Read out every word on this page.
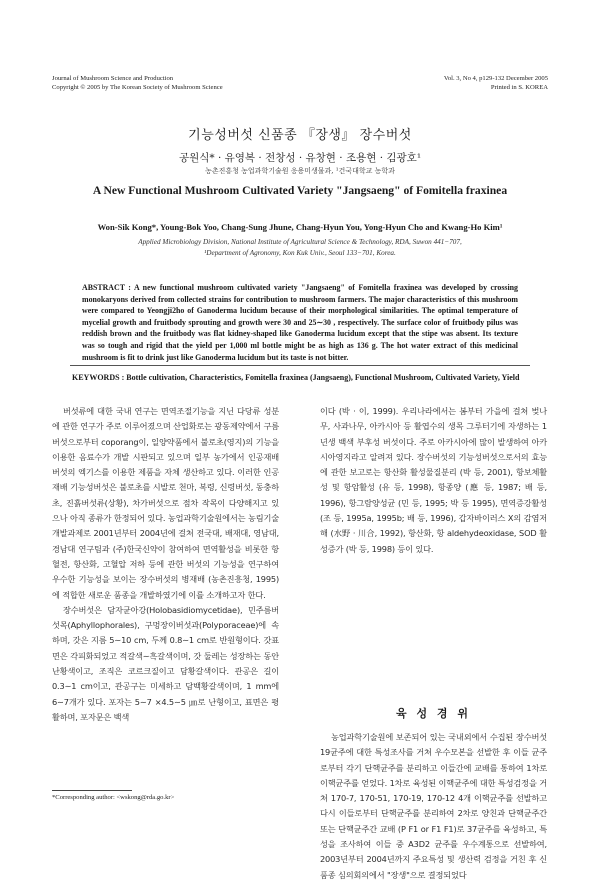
Journal of Mushroom Science and Production
Copyright © 2005 by The Korean Society of Mushroom Science
Vol. 3, No 4, p129-132 December 2005
Printed in S. KOREA
기능성버섯 신품종 『장생』 장수버섯
공원식* · 유영복 · 전창성 · 유창현 · 조용현 · 김광호¹
농촌진흥청 농업과학기술원 응용미생물과, ¹건국대학교 농학과
A New Functional Mushroom Cultivated Variety "Jangsaeng" of Fomitella fraxinea
Won-Sik Kong*, Young-Bok Yoo, Chang-Sung Jhune, Chang-Hyun You, Yong-Hyun Cho and Kwang-Ho Kim¹
Applied Microbiology Division, National Institute of Agricultural Science & Technology, RDA, Suwon 441−707,
¹Department of Agronomy, Kon Kuk Univ., Seoul 133−701, Korea.
ABSTRACT : A new functional mushroom cultivated variety "Jangsaeng" of Fomitella fraxinea was developed by crossing monokaryons derived from collected strains for contribution to mushroom farmers. The major characteristics of this mushroom were compared to Yeongji2ho of Ganoderma lucidum because of their morphological similarities. The optimal temperature of mycelial growth and fruitbody sprouting and growth were 30 and 25∼30 , respectively. The surface color of fruitbody pilus was reddish brown and the fruitbody was flat kidney-shaped like Ganoderma lucidum except that the stipe was absent. Its texture was so tough and rigid that the yield per 1,000 ml bottle might be as high as 136 g. The hot water extract of this medicinal mushroom is fit to drink just like Ganoderma lucidum but its taste is not bitter.
KEYWORDS : Bottle cultivation, Characteristics, Fomitella fraxinea (Jangsaeng), Functional Mushroom, Cultivated Variety, Yield

버섯류에 대한 국내 연구는 면역조절기능을 지닌 다당류 성분에 관한 연구가 주로 이루어졌으며 산업화로는 광동제약에서 구름버섯으로부터 coporang이, 일양약품에서 불로초(영지)의 기능을 이용한 음료수가 개발 시판되고 있으며 일부 농가에서 인공재배 버섯의 엑기스를 이용한 제품을 자체 생산하고 있다. 이러한 인공재배 기능성버섯은 불로초를 시발로 천마, 복령, 신령버섯, 동충하초, 진흙버섯류(상황), 차가버섯으로 점차 작목이 다양해지고 있으나 아직 종류가 한정되어 있다. 농업과학기술원에서는 농림기술개발과제로 2001년부터 2004년에 걸쳐 전국대, 배재대, 영남대, 경남대 연구팀과 (주)한국신약이 참여하여 면역활성을 비롯한 항혈전, 항산화, 고혈압 저하 등에 관한 버섯의 기능성을 연구하여 우수한 기능성을 보이는 장수버섯의 병재배 (농촌진흥청, 1995)에 적합한 새로운 품종을 개발하였기에 이를 소개하고자 한다.

장수버섯은 담자균아강(Holobasidiomycetidae), 민주름버섯목(Aphyllophorales), 구멍장이버섯과(Polyporaceae)에 속하며, 갓은 지름 5∼10 cm, 두께 0.8∼1 cm로 반원형이다. 갓표면은 각피화되었고 적갈색∼흑갈색이며, 갓 둘레는 성장하는 동안 난황색이고, 조직은 코르크질이고 담황갈색이다. 관공은 길이 0.3∼1 cm이고, 관공구는 미세하고 담백황갈색이며, 1 mm에 6∼7개가 있다. 포자는 5∼7 ×4.5∼5 ㎛로 난형이고, 표면은 평활하며, 포자문은 백색

이다 (박 · 이, 1999). 우리나라에서는 봄부터 가을에 걸쳐 벚나무, 사과나무, 아카시아 등 활엽수의 생목 그루터기에 자생하는 1년생 백색 부후성 버섯이다. 주로 아카시아에 많이 발생하여 아카시아영지라고 알려져 있다. 장수버섯의 기능성버섯으로서의 효능에 관한 보고로는 항산화 활성물질분리 (박 등, 2001), 항보체활성 및 항암활성 (유 등, 1998), 항종양 (應 등, 1987; 배 등, 1996), 항그람양성균 (민 등, 1995; 박 등 1995), 면역증강활성 (조 등, 1995a, 1995b; 배 등, 1996), 갑자바이러스 X의 감염저해 (水野 · 川合, 1992), 항산화, 항 aldehydeoxidase, SOD 활성증가 (박 등, 1998) 등이 있다.

육 성 경 위

농업과학기술원에 보존되어 있는 국내외에서 수집된 장수버섯 19균주에 대한 특성조사를 거쳐 우수모본을 선발한 후 이들 균주로부터 각기 단핵균주를 분리하고 이들간에 교배를 통하여 1차로 이핵균주를 얻었다. 1차로 육성된 이핵균주에 대한 특성검정을 거쳐 170-7, 170-51, 170-19, 170-12 4개 이핵균주를 선발하고 다시 이들로부터 단핵균주를 분리하여 2차로 양친과 단핵균주간 또는 단핵균주간 교배 (P F1 or F1 F1)로 37균주를 육성하고, 특성을 조사하여 이들 중 A3D2 균주를 우수계통으로 선발하여, 2003년부터 2004년까지 주요특성 및 생산력 검정을 거친 후 신품종 심의회의에서 "장생"으로 결정되었다

*Corresponding author: <wskong@rda.go.kr>
